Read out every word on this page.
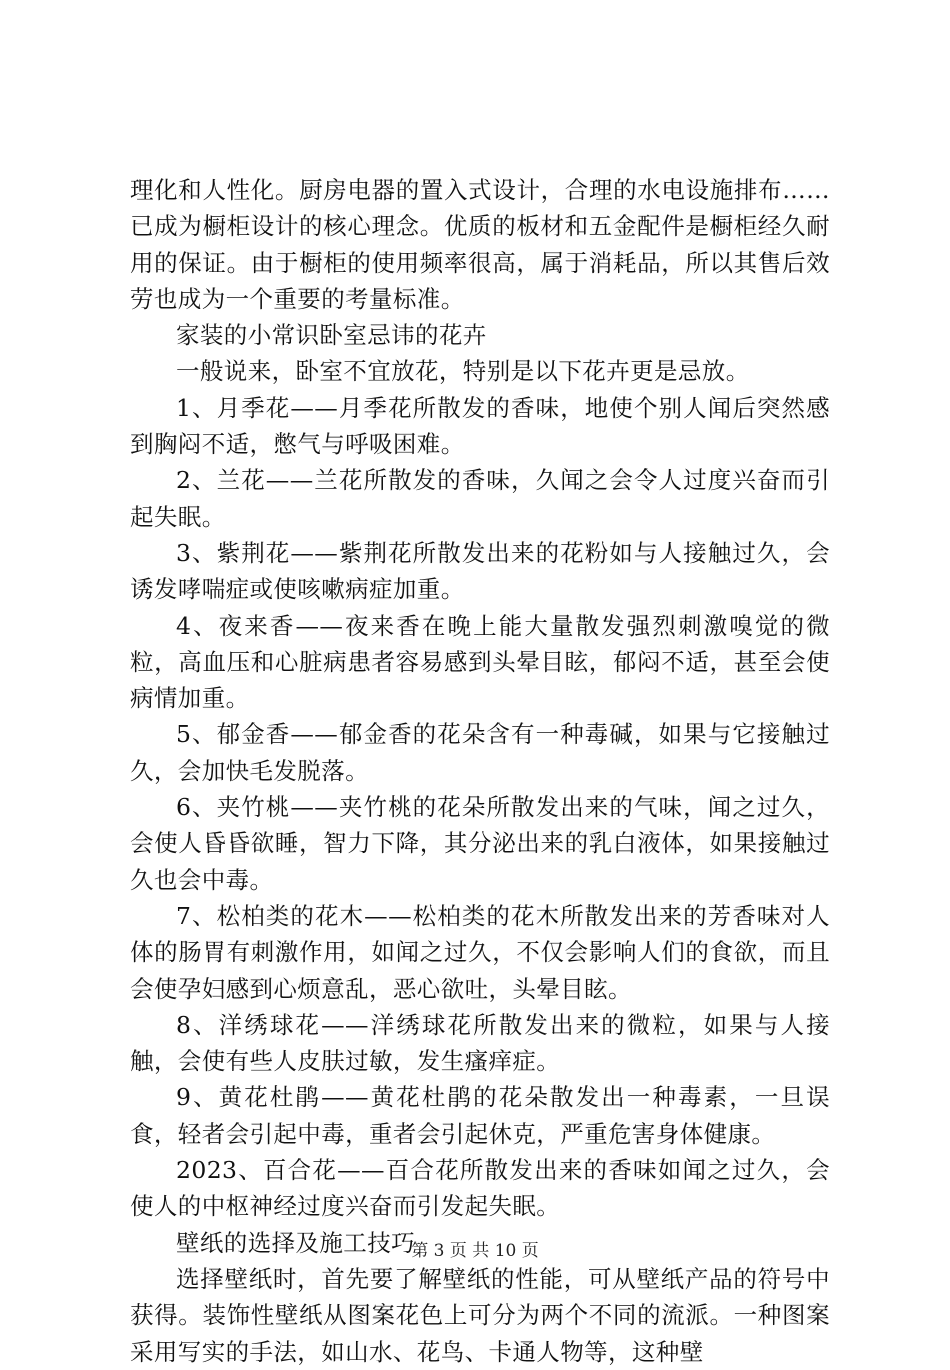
理化和人性化。厨房电器的置入式设计，合理的水电设施排布……已成为橱柜设计的核心理念。优质的板材和五金配件是橱柜经久耐用的保证。由于橱柜的使用频率很高，属于消耗品，所以其售后效劳也成为一个重要的考量标准。

家装的小常识卧室忌讳的花卉

一般说来，卧室不宜放花，特别是以下花卉更是忌放。

1、月季花——月季花所散发的香味，地使个别人闻后突然感到胸闷不适，憋气与呼吸困难。

2、兰花——兰花所散发的香味，久闻之会令人过度兴奋而引起失眠。

3、紫荆花——紫荆花所散发出来的花粉如与人接触过久，会诱发哮喘症或使咳嗽病症加重。

4、夜来香——夜来香在晚上能大量散发强烈刺激嗅觉的微粒，高血压和心脏病患者容易感到头晕目眩，郁闷不适，甚至会使病情加重。

5、郁金香——郁金香的花朵含有一种毒碱，如果与它接触过久，会加快毛发脱落。

6、夹竹桃——夹竹桃的花朵所散发出来的气味，闻之过久，会使人昏昏欲睡，智力下降，其分泌出来的乳白液体，如果接触过久也会中毒。

7、松柏类的花木——松柏类的花木所散发出来的芳香味对人体的肠胃有刺激作用，如闻之过久，不仅会影响人们的食欲，而且会使孕妇感到心烦意乱，恶心欲吐，头晕目眩。

8、洋绣球花——洋绣球花所散发出来的微粒，如果与人接触，会使有些人皮肤过敏，发生瘙痒症。

9、黄花杜鹃——黄花杜鹃的花朵散发出一种毒素，一旦误食，轻者会引起中毒，重者会引起休克，严重危害身体健康。

2023、百合花——百合花所散发出来的香味如闻之过久，会使人的中枢神经过度兴奋而引发起失眠。

壁纸的选择及施工技巧

选择壁纸时，首先要了解壁纸的性能，可从壁纸产品的符号中获得。装饰性壁纸从图案花色上可分为两个不同的流派。一种图案采用写实的手法，如山水、花鸟、卡通人物等，这种壁

第 3 页 共 10 页
